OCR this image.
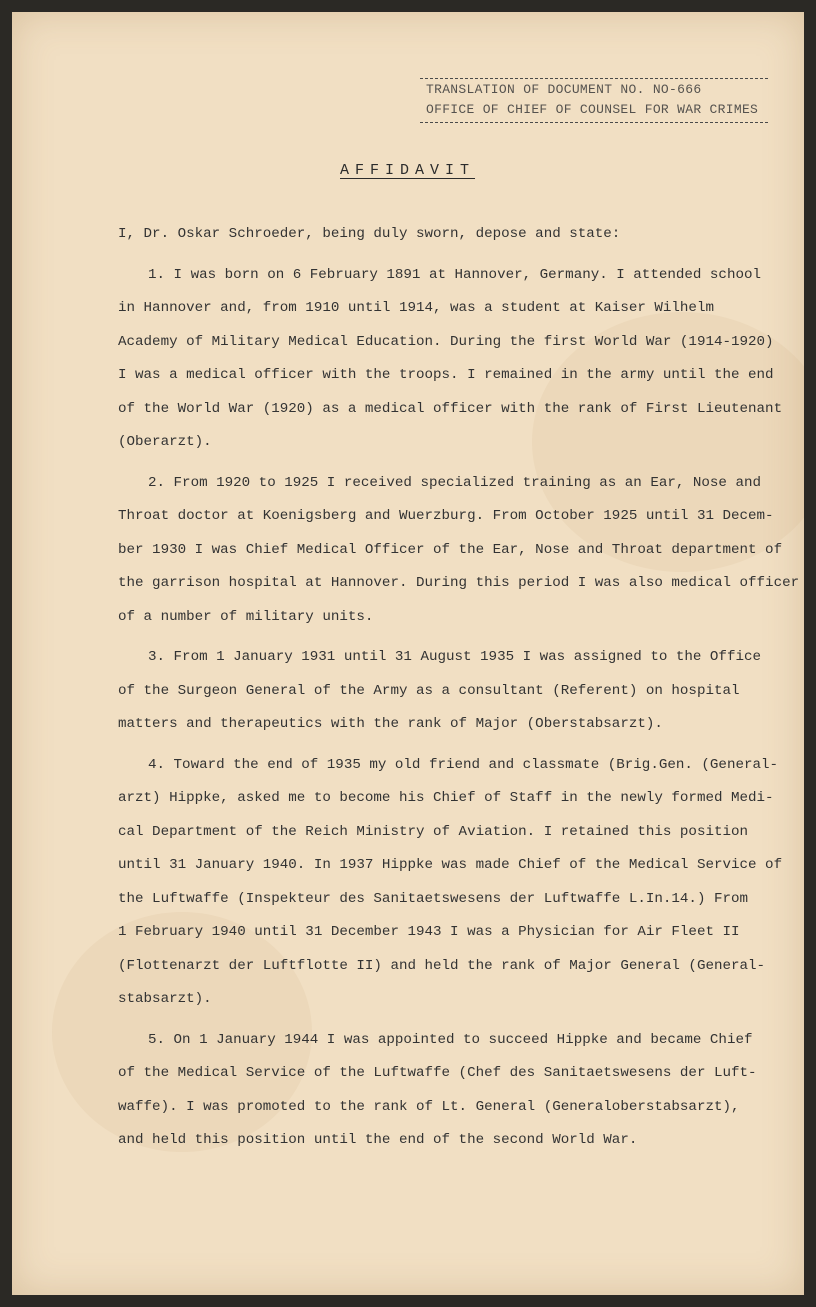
TRANSLATION OF DOCUMENT NO. NO-666
OFFICE OF CHIEF OF COUNSEL FOR WAR CRIMES
AFFIDAVIT
I, Dr. Oskar Schroeder, being duly sworn, depose and state:
1. I was born on 6 February 1891 at Hannover, Germany. I attended school
in Hannover and, from 1910 until 1914, was a student at Kaiser Wilhelm
Academy of Military Medical Education. During the first World War (1914-1920)
I was a medical officer with the troops. I remained in the army until the end
of the World War (1920) as a medical officer with the rank of First Lieutenant
(Oberarzt).
2. From 1920 to 1925 I received specialized training as an Ear, Nose and
Throat doctor at Koenigsberg and Wuerzburg. From October 1925 until 31 Decem-
ber 1930 I was Chief Medical Officer of the Ear, Nose and Throat department of
the garrison hospital at Hannover. During this period I was also medical officer
of a number of military units.
3. From 1 January 1931 until 31 August 1935 I was assigned to the Office
of the Surgeon General of the Army as a consultant (Referent) on hospital
matters and therapeutics with the rank of Major (Oberstabsarzt).
4. Toward the end of 1935 my old friend and classmate (Brig.Gen. (General-
arzt) Hippke, asked me to become his Chief of Staff in the newly formed Medi-
cal Department of the Reich Ministry of Aviation. I retained this position
until 31 January 1940. In 1937 Hippke was made Chief of the Medical Service of
the Luftwaffe (Inspekteur des Sanitaetswesens der Luftwaffe L.In.14.) From
1 February 1940 until 31 December 1943 I was a Physician for Air Fleet II
(Flottenarzt der Luftflotte II) and held the rank of Major General (General-
stabsarzt).
5. On 1 January 1944 I was appointed to succeed Hippke and became Chief
of the Medical Service of the Luftwaffe (Chef des Sanitaetswesens der Luft-
waffe). I was promoted to the rank of Lt. General (Generaloberstabsarzt),
and held this position until the end of the second World War.
